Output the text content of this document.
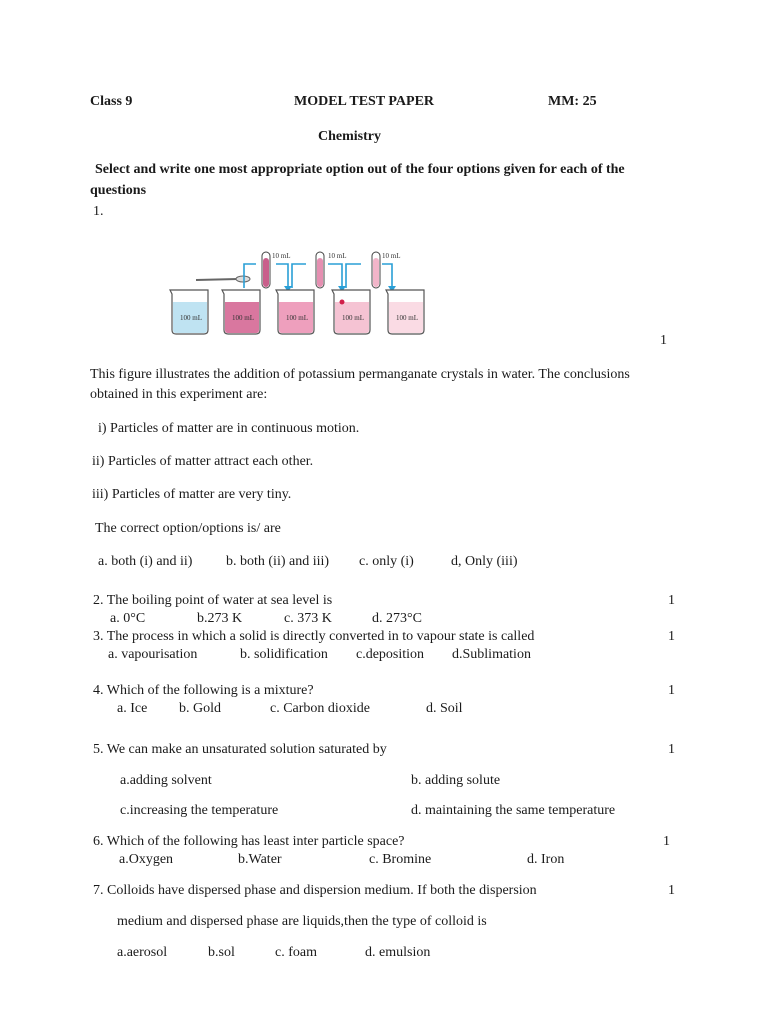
Class 9	MODEL TEST PAPER	MM: 25
Chemistry
Select and write one most appropriate option out of the four options given for each of the
questions
1.
10 mL	10 mL	10 mL
100 mL	100 mL	100 mL	100 mL	100 mL
1
This figure illustrates the addition of potassium permanganate crystals in water. The conclusions
obtained in this experiment are:
i) Particles of matter are in continuous motion.
ii) Particles of matter attract each other.
iii) Particles of matter are very tiny.
The correct option/options is/ are
a. both (i) and ii) b. both (ii) and iii) c. only (i)	d, Only (iii)
2. The boiling point of water at sea level is	1
a. 0°C	b.273 K	c. 373 K	d. 273°C
3. The process in which a solid is directly converted in to vapour state is called	1
a. vapourisation	b. solidification c.deposition d.Sublimation
4. Which of the following is a mixture?	1
a. Ice b. Gold	c. Carbon dioxide	d. Soil
5. We can make an unsaturated solution saturated by	1
a.adding solvent	b. adding solute
c.increasing the temperature	d. maintaining the same temperature
6. Which of the following has least inter particle space?	1
a.Oxygen	b.Water	c. Bromine	d. Iron
7. Colloids have dispersed phase and dispersion medium. If both the dispersion	1
medium and dispersed phase are liquids,then the type of colloid is
a.aerosol	b.sol	c. foam	d. emulsion
